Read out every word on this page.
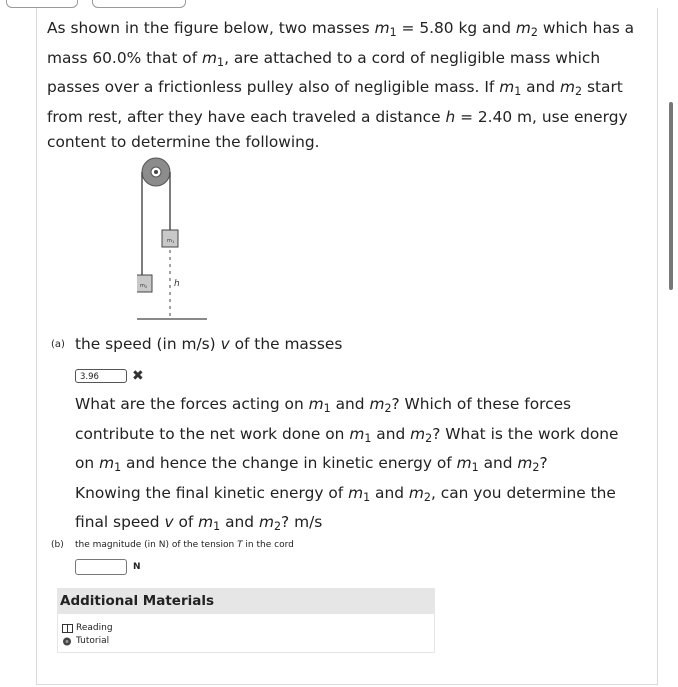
As shown in the figure below, two masses $m_1 = 5.80$ kg and $m_2$ which has a
mass 60.0% that of $m_1$, are attached to a cord of negligible mass which
passes over a frictionless pulley also of negligible mass. If $m_1$ and $m_2$ start
from rest, after they have each traveled a distance h = 2.40 m, use energy
content to determine the following.
m 1
h
m 2
(a) the speed (in m/s) v of the masses
3.96	✖
What are the forces acting on $m_1$ and $m_2$? Which of these forces
contribute to the net work done on $m_1$ and $m_2$? What is the work done
on $m_1$ and hence the change in kinetic energy of $m_1$ and $m_2$?
Knowing the final kinetic energy of $m_1$ and $m_2$, can you determine the
final speed v of $m_1$ and $m_2$? m/s
(b) the magnitude (in N) of the tension T in the cord
N
Additional Materials
Reading
Tutorial
